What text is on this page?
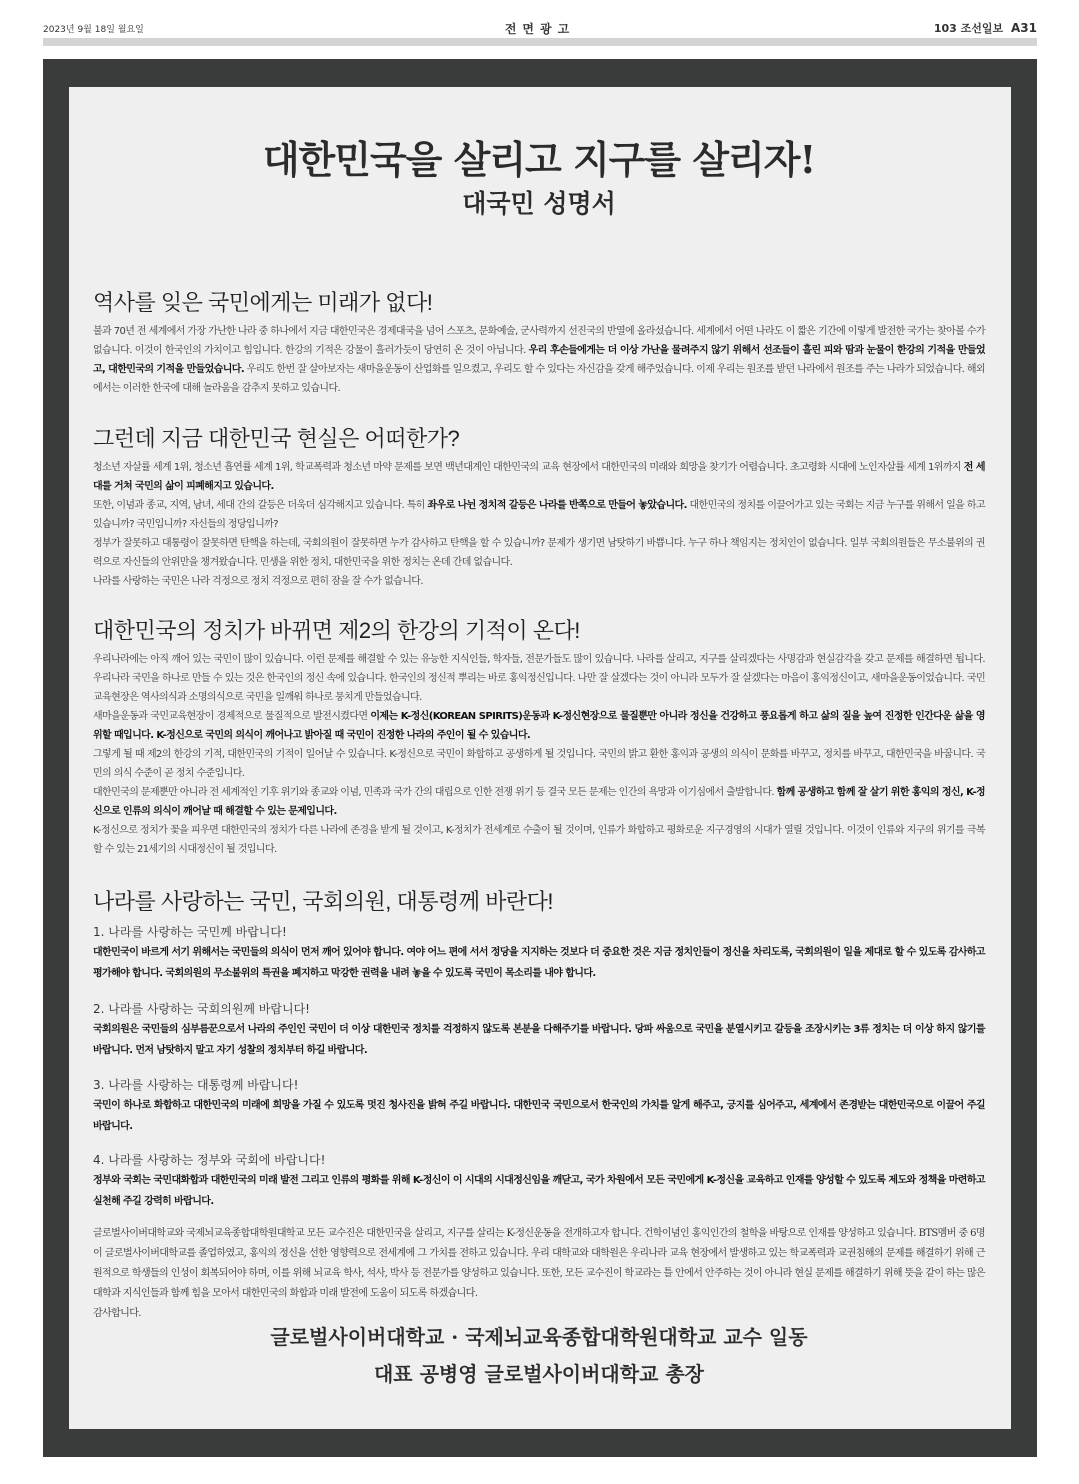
2023년 9월 18일 월요일	전면광고	103 조선일보 A31
대한민국을 살리고 지구를 살리자!
대국민 성명서
역사를 잊은 국민에게는 미래가 없다!
불과 70년 전 세계에서 가장 가난한 나라 중 하나에서 지금 대한민국은 경제대국을 넘어 스포츠, 문화예술, 군사력까지 선진국의 반열에 올라섰습니다. 세계에서 어떤 나라도 이 짧은 기간에 이렇게 발전한 국가는 찾아볼 수가 없습니다. 이것이 한국인의 가치이고 힘입니다. 한강의 기적은 강물이 흘러가듯이 당연히 온 것이 아닙니다. 우리 후손들에게는 더 이상 가난을 물려주지 않기 위해서 선조들이 흘린 피와 땀과 눈물이 한강의 기적을 만들었고, 대한민국의 기적을 만들었습니다. 우리도 한번 잘 살아보자는 새마을운동이 산업화를 일으켰고, 우리도 할 수 있다는 자신감을 갖게 해주었습니다. 이제 우리는 원조를 받던 나라에서 원조를 주는 나라가 되었습니다. 해외에서는 이러한 한국에 대해 놀라움을 감추지 못하고 있습니다.
그런데 지금 대한민국 현실은 어떠한가?
청소년 자살률 세계 1위, 청소년 흡연률 세계 1위, 학교폭력과 청소년 마약 문제를 보면 백년대계인 대한민국의 교육 현장에서 대한민국의 미래와 희망을 찾기가 어렵습니다. 초고령화 시대에 노인자살률 세계 1위까지 전 세대를 거쳐 국민의 삶이 피폐해지고 있습니다.
또한, 이념과 종교, 지역, 남녀, 세대 간의 갈등은 더욱더 심각해지고 있습니다. 특히 좌우로 나뉜 정치적 갈등은 나라를 반쪽으로 만들어 놓았습니다. 대한민국의 정치를 이끌어가고 있는 국회는 지금 누구를 위해서 일을 하고 있습니까? 국민입니까? 자신들의 정당입니까?
정부가 잘못하고 대통령이 잘못하면 탄핵을 하는데, 국회의원이 잘못하면 누가 감사하고 탄핵을 할 수 있습니까? 문제가 생기면 남탓하기 바쁩니다. 누구 하나 책임지는 정치인이 없습니다. 일부 국회의원들은 무소불위의 권력으로 자신들의 안위만을 챙겨왔습니다. 민생을 위한 정치, 대한민국을 위한 정치는 온데 간데 없습니다.
나라를 사랑하는 국민은 나라 걱정으로 정치 걱정으로 편히 잠을 잘 수가 없습니다.
대한민국의 정치가 바뀌면 제2의 한강의 기적이 온다!
우리나라에는 아직 깨어 있는 국민이 많이 있습니다. 이런 문제를 해결할 수 있는 유능한 지식인들, 학자들, 전문가들도 많이 있습니다. 나라를 살리고, 지구를 살리겠다는 사명감과 현실감각을 갖고 문제를 해결하면 됩니다. 우리나라 국민을 하나로 만들 수 있는 것은 한국인의 정신 속에 있습니다. 한국인의 정신적 뿌리는 바로 홍익정신입니다. 나만 잘 살겠다는 것이 아니라 모두가 잘 살겠다는 마음이 홍익정신이고, 새마을운동이었습니다. 국민교육현장은 역사의식과 소명의식으로 국민을 일깨워 하나로 뭉치게 만들었습니다.
새마을운동과 국민교육현장이 경제적으로 물질적으로 발전시켰다면 이제는 K-정신(KOREAN SPIRITS)운동과 K-정신현장으로 물질뿐만 아니라 정신을 건강하고 풍요롭게 하고 삶의 질을 높여 진정한 인간다운 삶을 영위할 때입니다. K-정신으로 국민의 의식이 깨어나고 밝아질 때 국민이 진정한 나라의 주인이 될 수 있습니다.
그렇게 될 때 제2의 한강의 기적, 대한민국의 기적이 일어날 수 있습니다. K-정신으로 국민이 화합하고 공생하게 될 것입니다. 국민의 밝고 환한 홍익과 공생의 의식이 문화를 바꾸고, 정치를 바꾸고, 대한민국을 바꿉니다. 국민의 의식 수준이 곧 정치 수준입니다.
대한민국의 문제뿐만 아니라 전 세계적인 기후 위기와 종교와 이념, 민족과 국가 간의 대립으로 인한 전쟁 위기 등 결국 모든 문제는 인간의 욕망과 이기심에서 출발합니다. 함께 공생하고 함께 잘 살기 위한 홍익의 정신, K-정신으로 인류의 의식이 깨어날 때 해결할 수 있는 문제입니다.
K-정신으로 정치가 꽃을 피우면 대한민국의 정치가 다른 나라에 존경을 받게 될 것이고, K-정치가 전세계로 수출이 될 것이며, 인류가 화합하고 평화로운 지구경영의 시대가 열릴 것입니다. 이것이 인류와 지구의 위기를 극복할 수 있는 21세기의 시대정신이 될 것입니다.
나라를 사랑하는 국민, 국회의원, 대통령께 바란다!
1. 나라를 사랑하는 국민께 바랍니다!
대한민국이 바르게 서기 위해서는 국민들의 의식이 먼저 깨어 있어야 합니다. 여야 어느 편에 서서 정당을 지지하는 것보다 더 중요한 것은 지금 정치인들이 정신을 차리도록, 국회의원이 일을 제대로 할 수 있도록 감사하고 평가해야 합니다. 국회의원의 무소불위의 특권을 폐지하고 막강한 권력을 내려 놓을 수 있도록 국민이 목소리를 내야 합니다.
2. 나라를 사랑하는 국회의원께 바랍니다!
국회의원은 국민들의 심부름꾼으로서 나라의 주인인 국민이 더 이상 대한민국 정치를 걱정하지 않도록 본분을 다해주기를 바랍니다. 당파 싸움으로 국민을 분열시키고 갈등을 조장시키는 3류 정치는 더 이상 하지 않기를 바랍니다. 먼저 남탓하지 말고 자기 성찰의 정치부터 하길 바랍니다.
3. 나라를 사랑하는 대통령께 바랍니다!
국민이 하나로 화합하고 대한민국의 미래에 희망을 가질 수 있도록 멋진 청사진을 밝혀 주길 바랍니다. 대한민국 국민으로서 한국인의 가치를 알게 해주고, 긍지를 심어주고, 세계에서 존경받는 대한민국으로 이끌어 주길 바랍니다.
4. 나라를 사랑하는 정부와 국회에 바랍니다!
정부와 국회는 국민대화합과 대한민국의 미래 발전 그리고 인류의 평화를 위해 K-정신이 이 시대의 시대정신임을 깨닫고, 국가 차원에서 모든 국민에게 K-정신을 교육하고 인재를 양성할 수 있도록 제도와 정책을 마련하고 실천해 주길 강력히 바랍니다.
글로벌사이버대학교와 국제뇌교육종합대학원대학교 모든 교수진은 대한민국을 살리고, 지구를 살리는 K-정신운동을 전개하고자 합니다. 건학이념인 홍익인간의 철학을 바탕으로 인재를 양성하고 있습니다. BTS멤버 중 6명이 글로벌사이버대학교를 졸업하였고, 홍익의 정신을 선한 영향력으로 전세계에 그 가치를 전하고 있습니다. 우리 대학교와 대학원은 우리나라 교육 현장에서 발생하고 있는 학교폭력과 교권침해의 문제를 해결하기 위해 근원적으로 학생들의 인성이 회복되어야 하며, 이를 위해 뇌교육 학사, 석사, 박사 등 전문가를 양성하고 있습니다. 또한, 모든 교수진이 학교라는 틀 안에서 안주하는 것이 아니라 현실 문제를 해결하기 위해 뜻을 같이 하는 많은 대학과 지식인들과 함께 힘을 모아서 대한민국의 화합과 미래 발전에 도움이 되도록 하겠습니다.
감사합니다.
글로벌사이버대학교 · 국제뇌교육종합대학원대학교 교수 일동
대표 공병영 글로벌사이버대학교 총장
